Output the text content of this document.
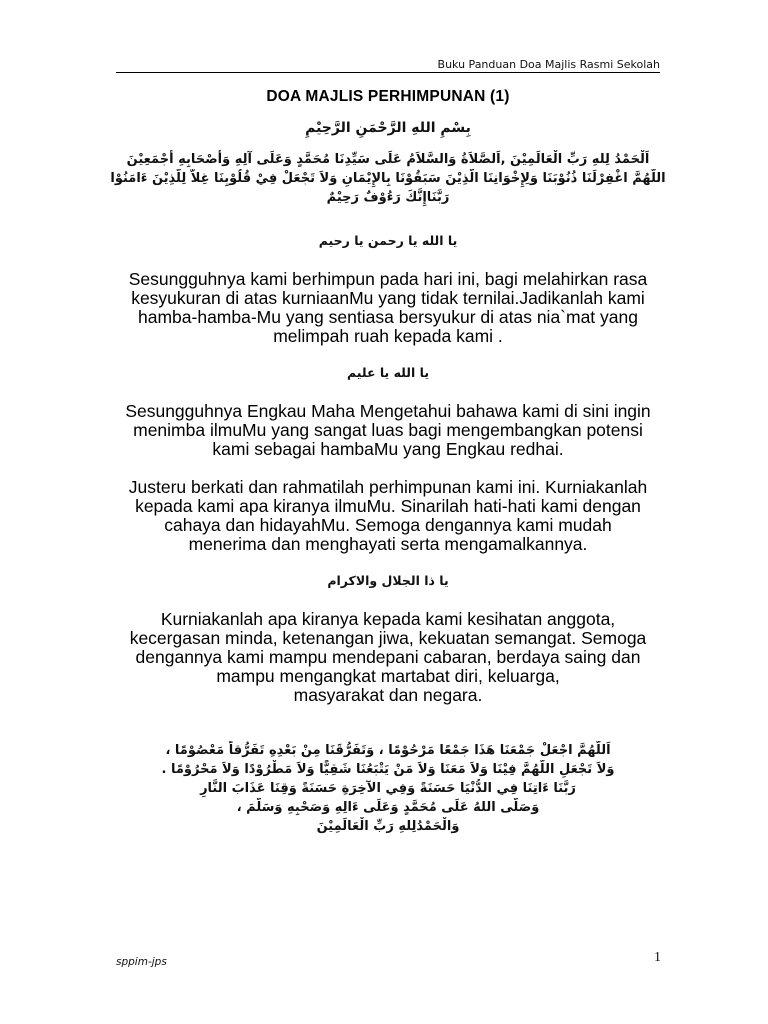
Buku Panduan Doa Majlis Rasmi Sekolah
DOA MAJLIS PERHIMPUNAN (1)
بِسْمِ اللهِ الرَّحْمَنِ الرَّحِيْمِ
اَلْحَمْدُ لِلهِ رَبِّ الْعَالَمِيْنَ ,اَلصَّلاَةُ وَالسَّلاَمُ عَلَى سَيِّدِنَا مُحَمَّدٍ وَعَلَى آلِهِ وَأَصْحَابِهِ أَجْمَعِيْنَ
اللَّهُمَّ اغْفِرْلَنَا ذُنُوْبَنَا وَلِإِخْوَانِنَا الَّذِيْنَ سَبَقُوْنَا بِالإِيْمَانِ وَلاَ تَجْعَلْ فِيْ قُلُوْبِنَا غِلاًّ لِلَّذِيْنَ ءَامَنُوْا
رَبَّنَاإِنَّكَ رَءُوْفٌ رَحِيْمٌ
يا الله يا رحمن يا رحيم
Sesungguhnya kami berhimpun pada hari ini, bagi melahirkan rasa
kesyukuran di atas kurniaanMu yang tidak ternilai.Jadikanlah kami
hamba-hamba-Mu yang sentiasa bersyukur di atas nia`mat yang
melimpah ruah kepada kami .
يا الله يا عليم
Sesungguhnya Engkau Maha Mengetahui bahawa kami di sini ingin
menimba ilmuMu yang sangat luas bagi mengembangkan potensi
kami sebagai hambaMu yang Engkau redhai.
Justeru berkati dan rahmatilah perhimpunan kami ini. Kurniakanlah
kepada kami apa kiranya ilmuMu. Sinarilah hati-hati kami dengan
cahaya dan hidayahMu. Semoga dengannya kami mudah
menerima dan menghayati serta mengamalkannya.
يا ذا الجلال والاكرام
Kurniakanlah apa kiranya kepada kami kesihatan anggota,
kecergasan minda, ketenangan jiwa, kekuatan semangat. Semoga
dengannya kami mampu mendepani cabaran, berdaya saing dan
mampu mengangkat martabat diri, keluarga,
masyarakat dan negara.
اَللَّهُمَّ اجْعَلْ جَمْعَنَا هَذَا جَمْعًا مَرْحُوْمًا ، وَتَفَرُّقَنَا مِنْ بَعْدِهِ تَفَرُّقاً مَعْصُوْمًا ،
وَلاَ تَجْعَلِ اللَّهُمَّ فِيْنَا وَلاَ مَعَنَا وَلاَ مَنْ يَتْبَعُنَا شَقِيًّا وَلاَ مَطْرُوْدًا وَلاَ مَحْرُوْمًا .
رَبَّنَا ءَاتِنَا فِي الدُّنْيَا حَسَنَةً وَفِي الآخِرَةِ حَسَنَةً وَقِنَا عَذَابَ النَّارِ
وَصَلَّى اللهُ عَلَى مُحَمَّدٍ وَعَلَى ءَالِهِ وَصَحْبِهِ وَسَلَّمَ ،
وَالْحَمْدُلِلهِ رَبِّ الْعَالَمِيْنَ
sppim-jps	1
